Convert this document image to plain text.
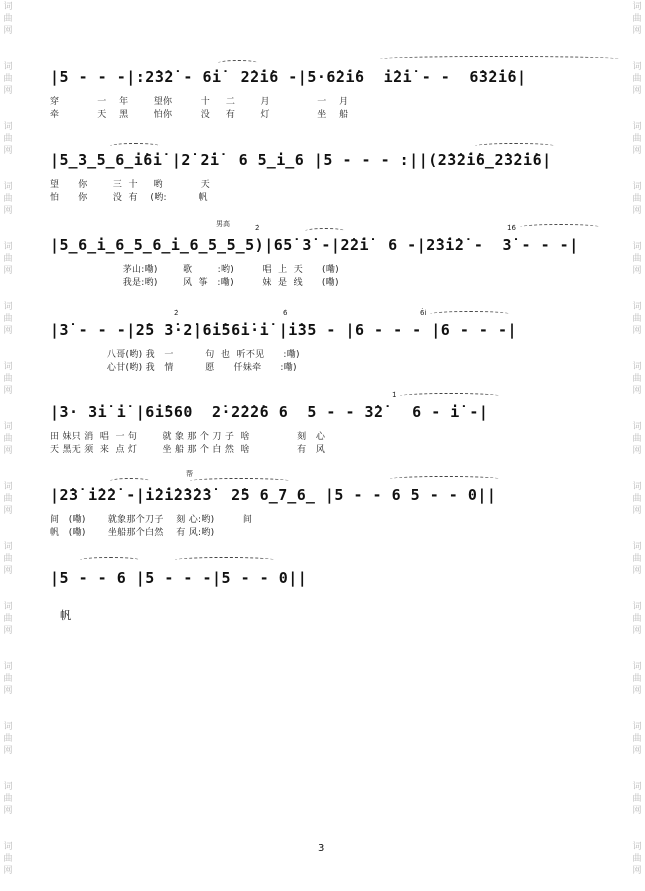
词
曲
网
词
曲
网
词
曲
网
词
曲
网
词
曲
网
词
曲
网
词
曲
网
词
曲
网
词
曲
网
词
曲
网
词
曲
网
词
曲
网
词
曲
网
词
曲
网
词
曲
网
词
曲
网
词
曲
网
词
曲
网
词
曲
网
词
曲
网
词
曲
网
词
曲
网
词
曲
网
词
曲
网
词
曲
网
词
曲
网
词
曲
网
词
曲
网
词
曲
网
词
曲
网
|5 - - -|:2̇3̇2̇ - 6i̇  2̇2̇i̇6 -|5·6̇2̇i̇6  i̇2̇i̇ - -  6̇3̇2̇i̇6|
穿            一    年        望你         十     二        月               一    月
牵            天    黑        怕你         没     有        灯               坐    船
|5̲3̲5̲6̲i̇6i̇ |2̇ 2̇i̇  6 5̲i̲6 |5 - - - :||(2̇3̇2̇i̇6̲2̇3̇2̇i̇6|
望      你        三  十     哟            天
怕      你        没  有    (哟:          帆
男高	2̇	1̇6̇
|5̲6̲i̲6̲5̲6̲i̲6̲5̲5̲5)|65̇ 3̇ -|2̇2̇i̇  6 -|2̇3̇i̇2̇ -  3̇ - - -|
茅山:嘞)        歌        :哟)         唱  上  天      (嘞)
我是:哟)        风  筝   :嘞)         妹  是  线      (嘞)
2̇	6̇	6̇i̇
|3̇ - - -|2̇5 3̇·2̇|6i̇56i̇·i̇ |i̇35 - |6 - - - |6 - - -|
八哥(哟) 我   一          句  也  听不见      :嘞)
心甘(哟) 我   情          愿      仟妹牵      :嘞)
1̇
|3· 3i̇ i̇ |6i̇560  2̇·2̇2̇2̇6 6  5 - - 3̇2̇   6 - i̇ -|
田 妹只 消  唱  一 句        就 象 那 个 刀 子  啥               刻   心
天 黑无 须  来  点 灯        坐 船 那 个 白 然  啥               有   风
帮
|2̇3̇ i̇2̇2̇ -|i̇2̇i̇2̇3̇2̇3̇  2̇5 6̲7̲6̲ |5 - - 6 5 - - 0||
间   (嘞)       就象那个刀子    刻 心:哟)         间
帆   (嘞)       坐船那个白然    有 风:哟)
|5 - - 6 |5 - - -|5 - - 0||
帆
3
